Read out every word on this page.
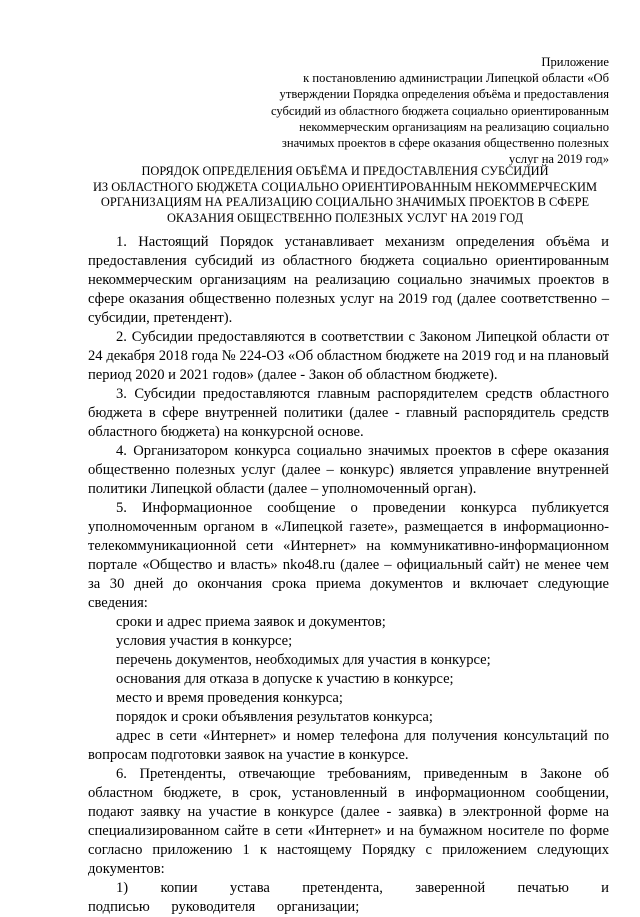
Приложение
к постановлению администрации Липецкой области «Об
утверждении Порядка определения объёма и предоставления
субсидий из областного бюджета социально ориентированным
некоммерческим организациям на реализацию социально
значимых проектов в сфере оказания общественно полезных
услуг на 2019 год»
ПОРЯДОК ОПРЕДЕЛЕНИЯ ОБЪЁМА И ПРЕДОСТАВЛЕНИЯ СУБСИДИЙ
ИЗ ОБЛАСТНОГО БЮДЖЕТА СОЦИАЛЬНО ОРИЕНТИРОВАННЫМ НЕКОММЕРЧЕСКИМ
ОРГАНИЗАЦИЯМ НА РЕАЛИЗАЦИЮ СОЦИАЛЬНО ЗНАЧИМЫХ ПРОЕКТОВ В СФЕРЕ
ОКАЗАНИЯ ОБЩЕСТВЕННО ПОЛЕЗНЫХ УСЛУГ НА 2019 ГОД

1. Настоящий Порядок устанавливает механизм определения объёма и предоставления субсидий из областного бюджета социально ориентированным некоммерческим организациям на реализацию социально значимых проектов в сфере оказания общественно полезных услуг на 2019 год (далее соответственно – субсидии, претендент).

2. Субсидии предоставляются в соответствии с Законом Липецкой области от 24 декабря 2018 года № 224-ОЗ «Об областном бюджете на 2019 год и на плановый период 2020 и 2021 годов» (далее - Закон об областном бюджете).

3. Субсидии предоставляются главным распорядителем средств областного бюджета в сфере внутренней политики (далее - главный распорядитель средств областного бюджета) на конкурсной основе.

4. Организатором конкурса социально значимых проектов в сфере оказания общественно полезных услуг (далее – конкурс) является управление внутренней политики Липецкой области (далее – уполномоченный орган).

5. Информационное сообщение о проведении конкурса публикуется уполномоченным органом в «Липецкой газете», размещается в информационно-телекоммуникационной сети «Интернет» на коммуникативно-информационном портале «Общество и власть» nko48.ru (далее – официальный сайт) не менее чем за 30 дней до окончания срока приема документов и включает следующие сведения:

сроки и адрес приема заявок и документов;

условия участия в конкурсе;

перечень документов, необходимых для участия в конкурсе;

основания для отказа в допуске к участию в конкурсе;

место и время проведения конкурса;

порядок и сроки объявления результатов конкурса;

адрес в сети «Интернет» и номер телефона для получения консультаций по вопросам подготовки заявок на участие в конкурсе.

6. Претенденты, отвечающие требованиям, приведенным в Законе об областном бюджете, в срок, установленный в информационном сообщении, подают заявку на участие в конкурсе (далее - заявка) в электронной форме на специализированном сайте в сети «Интернет» и на бумажном носителе по форме согласно приложению 1 к настоящему Порядку с приложением следующих документов:

1) копии устава претендента, заверенной печатью и подписью руководителя организации;
